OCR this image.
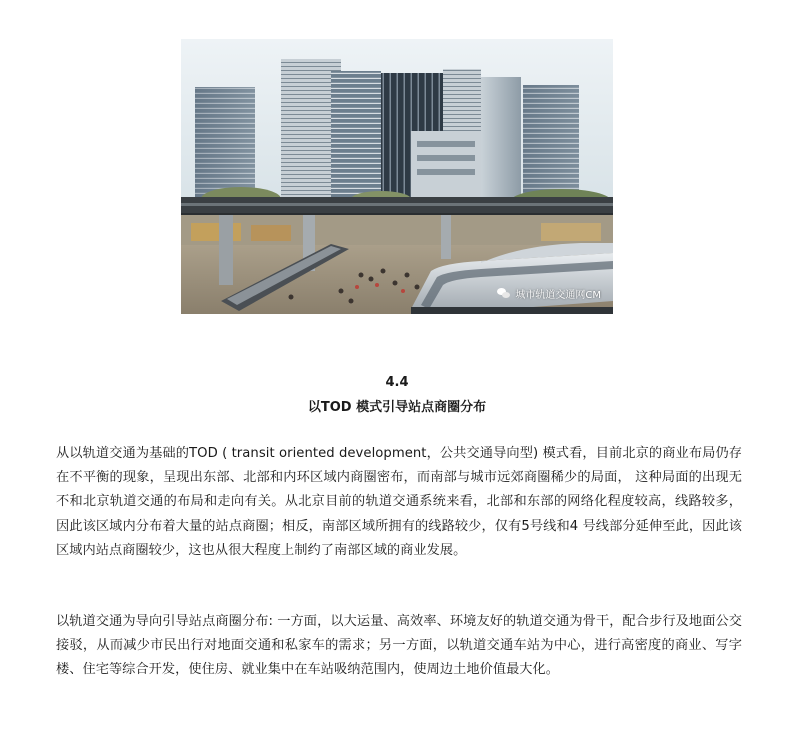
城市轨道交通网CM
4.4
以TOD 模式引导站点商圈分布

从以轨道交通为基础的TOD ( transit oriented development，公共交通导向型) 模式看，目前北京的商业布局仍存在不平衡的现象，呈现出东部、北部和内环区域内商圈密布，而南部与城市远郊商圈稀少的局面， 这种局面的出现无不和北京轨道交通的布局和走向有关。从北京目前的轨道交通系统来看，北部和东部的网络化程度较高，线路较多，因此该区域内分布着大量的站点商圈；相反，南部区域所拥有的线路较少，仅有5号线和4 号线部分延伸至此，因此该区域内站点商圈较少，这也从很大程度上制约了南部区域的商业发展。

以轨道交通为导向引导站点商圈分布: 一方面，以大运量、高效率、环境友好的轨道交通为骨干，配合步行及地面公交接驳，从而减少市民出行对地面交通和私家车的需求；另一方面，以轨道交通车站为中心，进行高密度的商业、写字楼、住宅等综合开发，使住房、就业集中在车站吸纳范围内，使周边土地价值最大化。
